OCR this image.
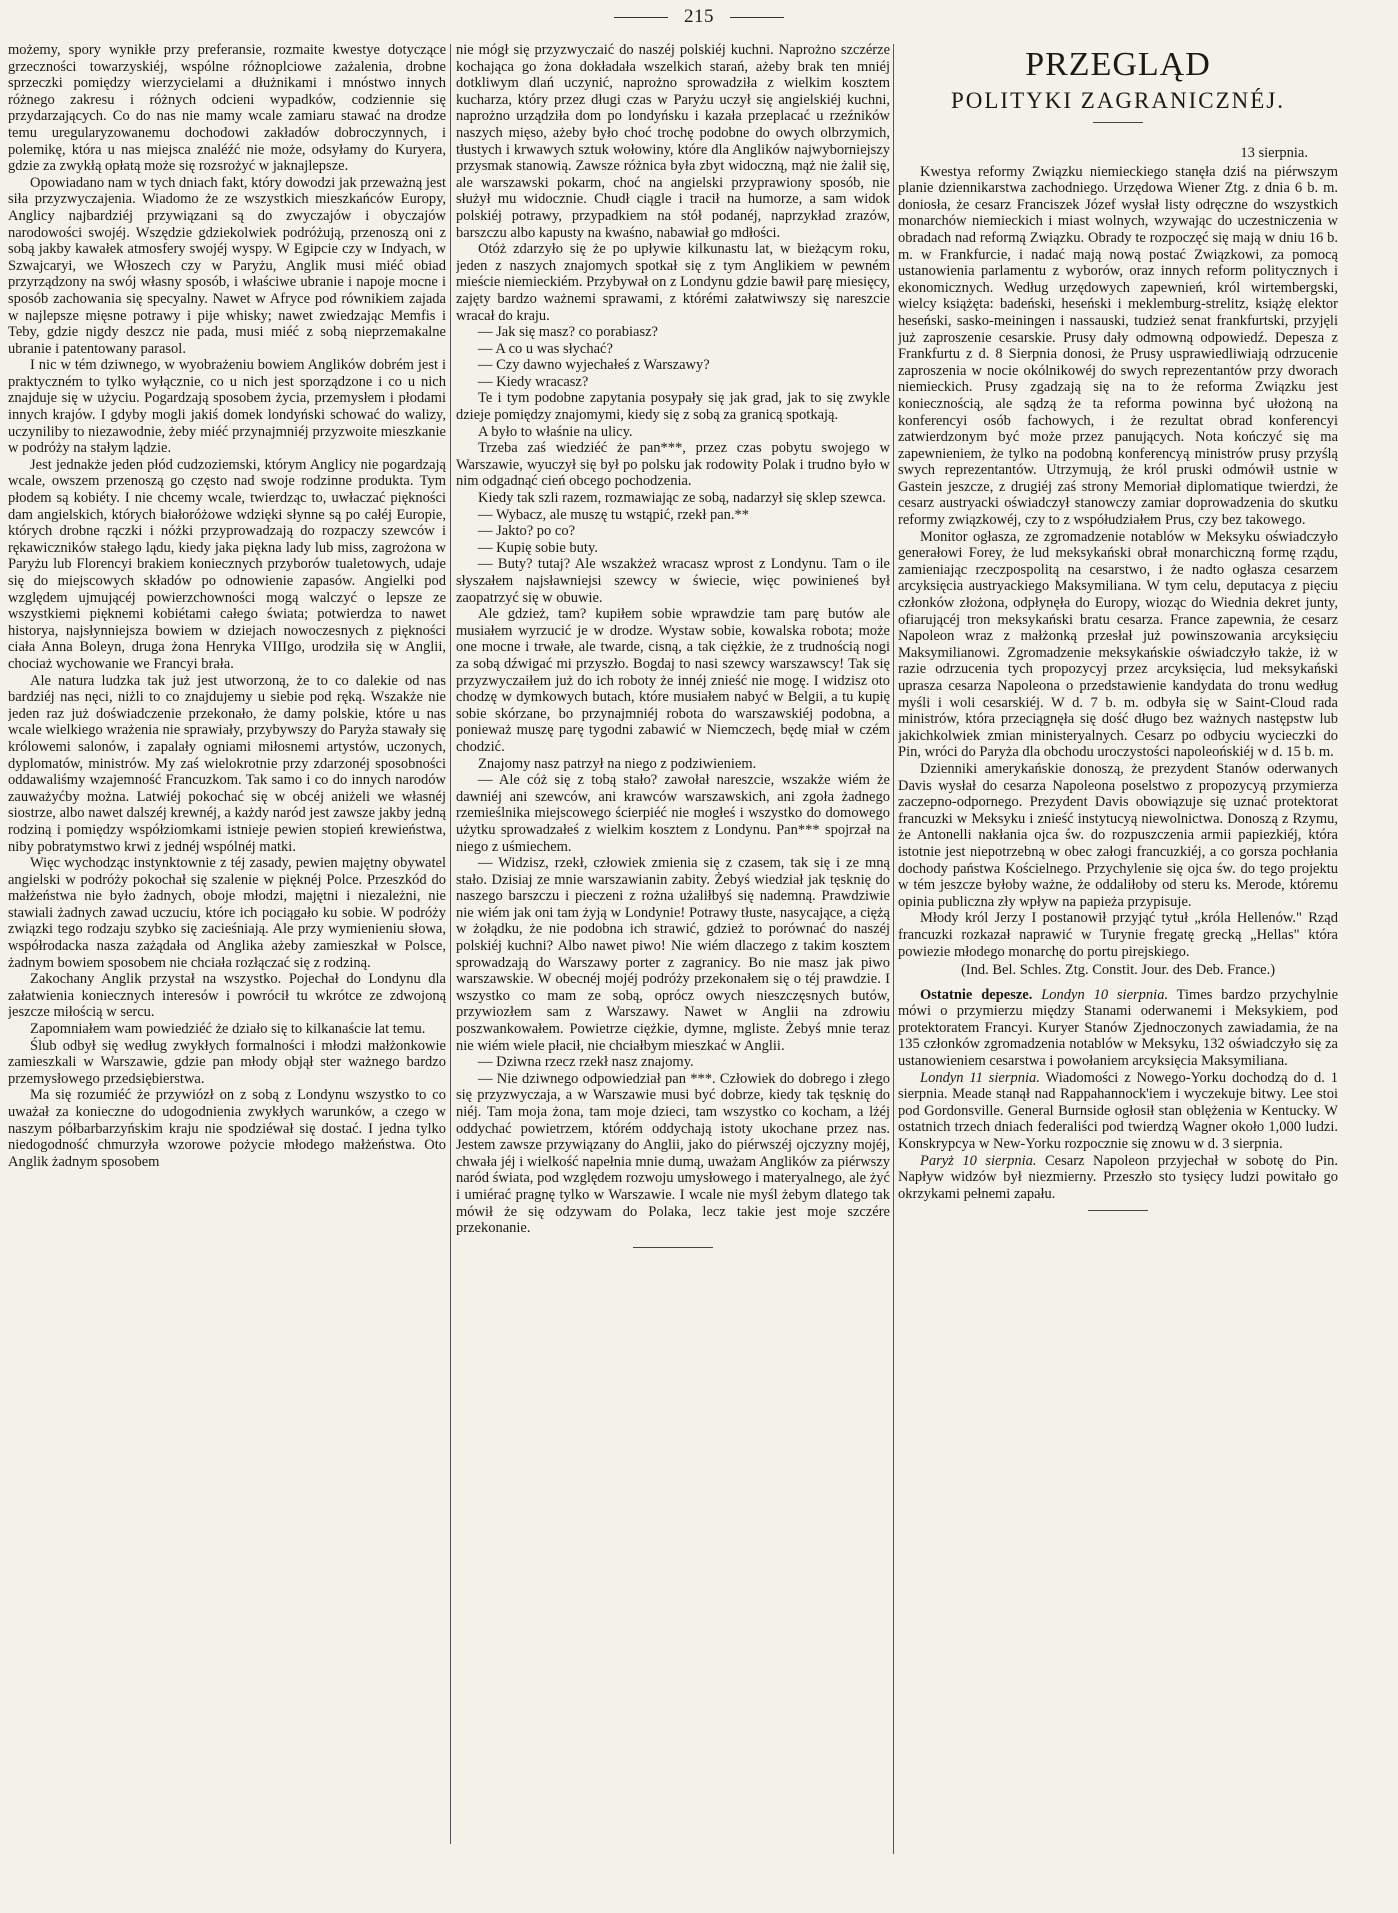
215

możemy, spory wynikłe przy preferansie, rozmaite kwestye dotyczące grzeczności towarzyskiéj, wspólne różnoplciowe zażalenia, drobne sprzeczki pomiędzy wierzycielami a dłużnikami i mnóstwo innych różnego zakresu i różnych odcieni wypadków, codziennie się przydarzających. Co do nas nie mamy wcale zamiaru stawać na drodze temu uregularyzowanemu dochodowi zakładów dobroczynnych, i polemikę, która u nas miejsca znaléźć nie może, odsyłamy do Kuryera, gdzie za zwykłą opłatą może się rozsrożyć w jaknajlepsze.

Opowiadano nam w tych dniach fakt, który dowodzi jak przeważną jest siła przyzwyczajenia. Wiadomo że ze wszystkich mieszkańców Europy, Anglicy najbardziéj przywiązani są do zwyczajów i obyczajów narodowości swojéj. Wszędzie gdziekolwiek podróżują, przenoszą oni z sobą jakby kawałek atmosfery swojéj wyspy. W Egipcie czy w Indyach, w Szwajcaryi, we Włoszech czy w Paryżu, Anglik musi miéć obiad przyrządzony na swój własny sposób, i właściwe ubranie i napoje mocne i sposób zachowania się specyalny. Nawet w Afryce pod równikiem zajada w najlepsze mięsne potrawy i pije whisky; nawet zwiedzając Memfis i Teby, gdzie nigdy deszcz nie pada, musi miéć z sobą nieprzemakalne ubranie i patentowany parasol.

I nic w tém dziwnego, w wyobrażeniu bowiem Anglików dobrém jest i praktyczném to tylko wyłącznie, co u nich jest sporządzone i co u nich znajduje się w użyciu. Pogardzają sposobem życia, przemysłem i płodami innych krajów. I gdyby mogli jakiś domek londyński schować do walizy, uczyniliby to niezawodnie, żeby miéć przynajmniéj przyzwoite mieszkanie w podróży na stałym lądzie.

Jest jednakże jeden płód cudzoziemski, którym Anglicy nie pogardzają wcale, owszem przenoszą go często nad swoje rodzinne produkta. Tym płodem są kobiéty. I nie chcemy wcale, twierdząc to, uwłaczać piękności dam angielskich, których białoróżowe wdzięki słynne są po całéj Europie, których drobne rączki i nóżki przyprowadzają do rozpaczy szewców i rękawiczników stałego lądu, kiedy jaka piękna lady lub miss, zagrożona w Paryżu lub Florencyi brakiem koniecznych przyborów tualetowych, udaje się do miejscowych składów po odnowienie zapasów. Angielki pod względem ujmującéj powierzchowności mogą walczyć o lepsze ze wszystkiemi pięknemi kobiétami całego świata; potwierdza to nawet historya, najsłynniejsza bowiem w dziejach nowoczesnych z piękności ciała Anna Boleyn, druga żona Henryka VIIIgo, urodziła się w Anglii, chociaż wychowanie we Francyi brała.

Ale natura ludzka tak już jest utworzoną, że to co dalekie od nas bardziéj nas nęci, niżli to co znajdujemy u siebie pod ręką. Wszakże nie jeden raz już doświadczenie przekonało, że damy polskie, które u nas wcale wielkiego wrażenia nie sprawiały, przybywszy do Paryża stawały się królowemi salonów, i zapalały ogniami miłosnemi artystów, uczonych, dyplomatów, ministrów. My zaś wielokrotnie przy zdarzonéj sposobności oddawaliśmy wzajemność Francuzkom. Tak samo i co do innych narodów zauważyćby można. Latwiéj pokochać się w obcéj aniżeli we własnéj siostrze, albo nawet dalszéj krewnéj, a każdy naród jest zawsze jakby jedną rodziną i pomiędzy współziomkami istnieje pewien stopień krewieństwa, niby pobratymstwo krwi z jednéj wspólnéj matki.

Więc wychodząc instynktownie z téj zasady, pewien majętny obywatel angielski w podróży pokochał się szalenie w pięknéj Polce. Przeszkód do małżeństwa nie było żadnych, oboje młodzi, majętni i niezależni, nie stawiali żadnych zawad uczuciu, które ich pociągało ku sobie. W podróży związki tego rodzaju szybko się zacieśniają. Ale przy wymienieniu słowa, współrodacka nasza zażądała od Anglika ażeby zamieszkał w Polsce, żadnym bowiem sposobem nie chciała rozłączać się z rodziną.

Zakochany Anglik przystał na wszystko. Pojechał do Londynu dla załatwienia koniecznych interesów i powrócił tu wkrótce ze zdwojoną jeszcze miłością w sercu.

Zapomniałem wam powiedziéć że działo się to kilkanaście lat temu.

Ślub odbył się według zwykłych formalności i młodzi małżonkowie zamieszkali w Warszawie, gdzie pan młody objął ster ważnego bardzo przemysłowego przedsiębierstwa.

Ma się rozumiéć że przywiózł on z sobą z Londynu wszystko to co uważał za konieczne do udogodnienia zwykłych warunków, a czego w naszym półbarbarzyńskim kraju nie spodziéwał się dostać. I jedna tylko niedogodność chmurzyła wzorowe pożycie młodego małżeństwa. Oto Anglik żadnym sposobem

nie mógł się przyzwyczaić do naszéj polskiéj kuchni. Naprożno szczérze kochająca go żona dokładała wszelkich starań, ażeby brak ten mniéj dotkliwym dlań uczynić, naprożno sprowadziła z wielkim kosztem kucharza, który przez długi czas w Paryżu uczył się angielskiéj kuchni, naprożno urządziła dom po londyńsku i kazała przeplacać u rzeźników naszych mięso, ażeby było choć trochę podobne do owych olbrzymich, tłustych i krwawych sztuk wołowiny, które dla Anglików najwyborniejszy przysmak stanowią. Zawsze różnica była zbyt widoczną, mąż nie żalił się, ale warszawski pokarm, choć na angielski przyprawiony sposób, nie służył mu widocznie. Chudł ciągle i tracił na humorze, a sam widok polskiéj potrawy, przypadkiem na stół podanéj, naprzykład zrazów, barszczu albo kapusty na kwaśno, nabawiał go mdłości.

Otóż zdarzyło się że po upływie kilkunastu lat, w bieżącym roku, jeden z naszych znajomych spotkał się z tym Anglikiem w pewném mieście niemieckiém. Przybywał on z Londynu gdzie bawił parę miesięcy, zajęty bardzo ważnemi sprawami, z którémi załatwiwszy się nareszcie wracał do kraju.

— Jak się masz? co porabiasz?

— A co u was słychać?

— Czy dawno wyjechałeś z Warszawy?

— Kiedy wracasz?

Te i tym podobne zapytania posypały się jak grad, jak to się zwykle dzieje pomiędzy znajomymi, kiedy się z sobą za granicą spotkają.

A było to właśnie na ulicy.

Trzeba zaś wiedziéć że pan***, przez czas pobytu swojego w Warszawie, wyuczył się był po polsku jak rodowity Polak i trudno było w nim odgadnąć cień obcego pochodzenia.

Kiedy tak szli razem, rozmawiając ze sobą, nadarzył się sklep szewca.

— Wybacz, ale muszę tu wstąpić, rzekł pan.**

— Jakto? po co?

— Kupię sobie buty.

— Buty? tutaj? Ale wszakżeż wracasz wprost z Londynu. Tam o ile słyszałem najsławniejsi szewcy w świecie, więc powinieneś był zaopatrzyć się w obuwie.

Ale gdzież, tam? kupiłem sobie wprawdzie tam parę butów ale musiałem wyrzucić je w drodze. Wystaw sobie, kowalska robota; może one mocne i trwałe, ale twarde, cisną, a tak ciężkie, że z trudnością nogi za sobą dźwigać mi przyszło. Bogdaj to nasi szewcy warszawscy! Tak się przyzwyczaiłem już do ich roboty że innéj znieść nie mogę. I widzisz oto chodzę w dymkowych butach, które musiałem nabyć w Belgii, a tu kupię sobie skórzane, bo przynajmniéj robota do warszawskiéj podobna, a ponieważ muszę parę tygodni zabawić w Niemczech, będę miał w czém chodzić.

Znajomy nasz patrzył na niego z podziwieniem.

— Ale cóż się z tobą stało? zawołał nareszcie, wszakże wiém że dawniéj ani szewców, ani krawców warszawskich, ani zgoła żadnego rzemieślnika miejscowego ścierpiéć nie mogłeś i wszystko do domowego użytku sprowadzałeś z wielkim kosztem z Londynu. Pan*** spojrzał na niego z uśmiechem.

— Widzisz, rzekł, człowiek zmienia się z czasem, tak się i ze mną stało. Dzisiaj ze mnie warszawianin zabity. Żebyś wiedział jak tęsknię do naszego barszczu i pieczeni z rożna użaliłbyś się nademną. Prawdziwie nie wiém jak oni tam żyją w Londynie! Potrawy tłuste, nasycające, a ciężą w żołądku, że nie podobna ich strawić, gdzież to porównać do naszéj polskiéj kuchni? Albo nawet piwo! Nie wiém dlaczego z takim kosztem sprowadzają do Warszawy porter z zagranicy. Bo nie masz jak piwo warszawskie. W obecnéj mojéj podróży przekonałem się o téj prawdzie. I wszystko co mam ze sobą, oprócz owych nieszczęsnych butów, przywiozłem sam z Warszawy. Nawet w Anglii na zdrowiu poszwankowałem. Powietrze ciężkie, dymne, mgliste. Żebyś mnie teraz nie wiém wiele płacił, nie chciałbym mieszkać w Anglii.

— Dziwna rzecz rzekł nasz znajomy.

— Nie dziwnego odpowiedział pan ***. Człowiek do dobrego i złego się przyzwyczaja, a w Warszawie musi być dobrze, kiedy tak tęsknię do niéj. Tam moja żona, tam moje dzieci, tam wszystko co kocham, a lżéj oddychać powietrzem, którém oddychają istoty ukochane przez nas. Jestem zawsze przywiązany do Anglii, jako do piérwszéj ojczyzny mojéj, chwała jéj i wielkość napełnia mnie dumą, uważam Anglików za piérwszy naród świata, pod względem rozwoju umysłowego i materyalnego, ale żyć i umiérać pragnę tylko w Warszawie. I wcale nie myśl żebym dlatego tak mówił że się odzywam do Polaka, lecz takie jest moje szczére przekonanie.

PRZEGLĄD
POLITYKI ZAGRANICZNÉJ.
13 sierpnia.

Kwestya reformy Związku niemieckiego stanęła dziś na piérwszym planie dziennikarstwa zachodniego. Urzędowa Wiener Ztg. z dnia 6 b. m. doniosła, że cesarz Franciszek Józef wysłał listy odręczne do wszystkich monarchów niemieckich i miast wolnych, wzywając do uczestniczenia w obradach nad reformą Związku. Obrady te rozpoczęć się mają w dniu 16 b. m. w Frankfurcie, i nadać mają nową postać Związkowi, za pomocą ustanowienia parlamentu z wyborów, oraz innych reform politycznych i ekonomicznych. Według urzędowych zapewnień, król wirtembergski, wielcy książęta: badeński, heseński i meklemburg-strelitz, książę elektor heseński, sasko-meiningen i nassauski, tudzież senat frankfurtski, przyjęli już zaproszenie cesarskie. Prusy dały odmowną odpowiedź. Depesza z Frankfurtu z d. 8 Sierpnia donosi, że Prusy usprawiedliwiają odrzucenie zaproszenia w nocie okólnikowéj do swych reprezentantów przy dworach niemieckich. Prusy zgadzają się na to że reforma Związku jest koniecznością, ale sądzą że ta reforma powinna być ułożoną na konferencyi osób fachowych, i że rezultat obrad konferencyi zatwierdzonym być może przez panujących. Nota kończyć się ma zapewnieniem, że tylko na podobną konferencyą ministrów prusy przyślą swych reprezentantów. Utrzymują, że król pruski odmówił ustnie w Gastein jeszcze, z drugiéj zaś strony Memoriał diplomatique twierdzi, że cesarz austryacki oświadczył stanowczy zamiar doprowadzenia do skutku reformy związkowéj, czy to z współudziałem Prus, czy bez takowego.

Monitor ogłasza, ze zgromadzenie notablów w Meksyku oświadczyło generałowi Forey, że lud meksykański obrał monarchiczną formę rządu, zamieniając rzeczpospolitą na cesarstwo, i że nadto ogłasza cesarzem arcyksięcia austryackiego Maksymiliana. W tym celu, deputacya z pięciu członków złożona, odpłynęła do Europy, wioząc do Wiednia dekret junty, ofiarującéj tron meksykański bratu cesarza. France zapewnia, że cesarz Napoleon wraz z małżonką przesłał już powinszowania arcyksięciu Maksymilianowi. Zgromadzenie meksykańskie oświadczyło także, iż w razie odrzucenia tych propozycyj przez arcyksięcia, lud meksykański uprasza cesarza Napoleona o przedstawienie kandydata do tronu według myśli i woli cesarskiéj. W d. 7 b. m. odbyła się w Saint-Cloud rada ministrów, która przeciągnęła się dość długo bez ważnych następstw lub jakichkolwiek zmian ministeryalnych. Cesarz po odbyciu wycieczki do Pin, wróci do Paryża dla obchodu uroczystości napoleońskiéj w d. 15 b. m.

Dzienniki amerykańskie donoszą, że prezydent Stanów oderwanych Davis wysłał do cesarza Napoleona poselstwo z propozycyą przymierza zaczepno-odpornego. Prezydent Davis obowiązuje się uznać protektorat francuzki w Meksyku i znieść instytucyą niewolnictwa. Donoszą z Rzymu, że Antonelli nakłania ojca św. do rozpuszczenia armii papiezkiéj, która istotnie jest niepotrzebną w obec załogi francuzkiéj, a co gorsza pochłania dochody państwa Kościelnego. Przychylenie się ojca św. do tego projektu w tém jeszcze byłoby ważne, że oddaliłoby od steru ks. Merode, któremu opinia publiczna zły wpływ na papieża przypisuje.

Młody król Jerzy I postanowił przyjąć tytuł „króla Hellenów." Rząd francuzki rozkazał naprawić w Turynie fregatę grecką „Hellas" która powiezie młodego monarchę do portu pirejskiego.

(Ind. Bel. Schles. Ztg. Constit. Jour. des Deb. France.)

Ostatnie depesze. Londyn 10 sierpnia. Times bardzo przychylnie mówi o przymierzu między Stanami oderwanemi i Meksykiem, pod protektoratem Francyi. Kuryer Stanów Zjednoczonych zawiadamia, że na 135 członków zgromadzenia notablów w Meksyku, 132 oświadczyło się za ustanowieniem cesarstwa i powołaniem arcyksięcia Maksymiliana.

Londyn 11 sierpnia. Wiadomości z Nowego-Yorku dochodzą do d. 1 sierpnia. Meade stanął nad Rappahannock'iem i wyczekuje bitwy. Lee stoi pod Gordonsville. General Burnside ogłosił stan oblężenia w Kentucky. W ostatnich trzech dniach federaliści pod twierdzą Wagner około 1,000 ludzi. Konskrypcya w New-Yorku rozpocznie się znowu w d. 3 sierpnia.

Paryż 10 sierpnia. Cesarz Napoleon przyjechał w sobotę do Pin. Napływ widzów był niezmierny. Przeszło sto tysięcy ludzi powitało go okrzykami pełnemi zapału.
